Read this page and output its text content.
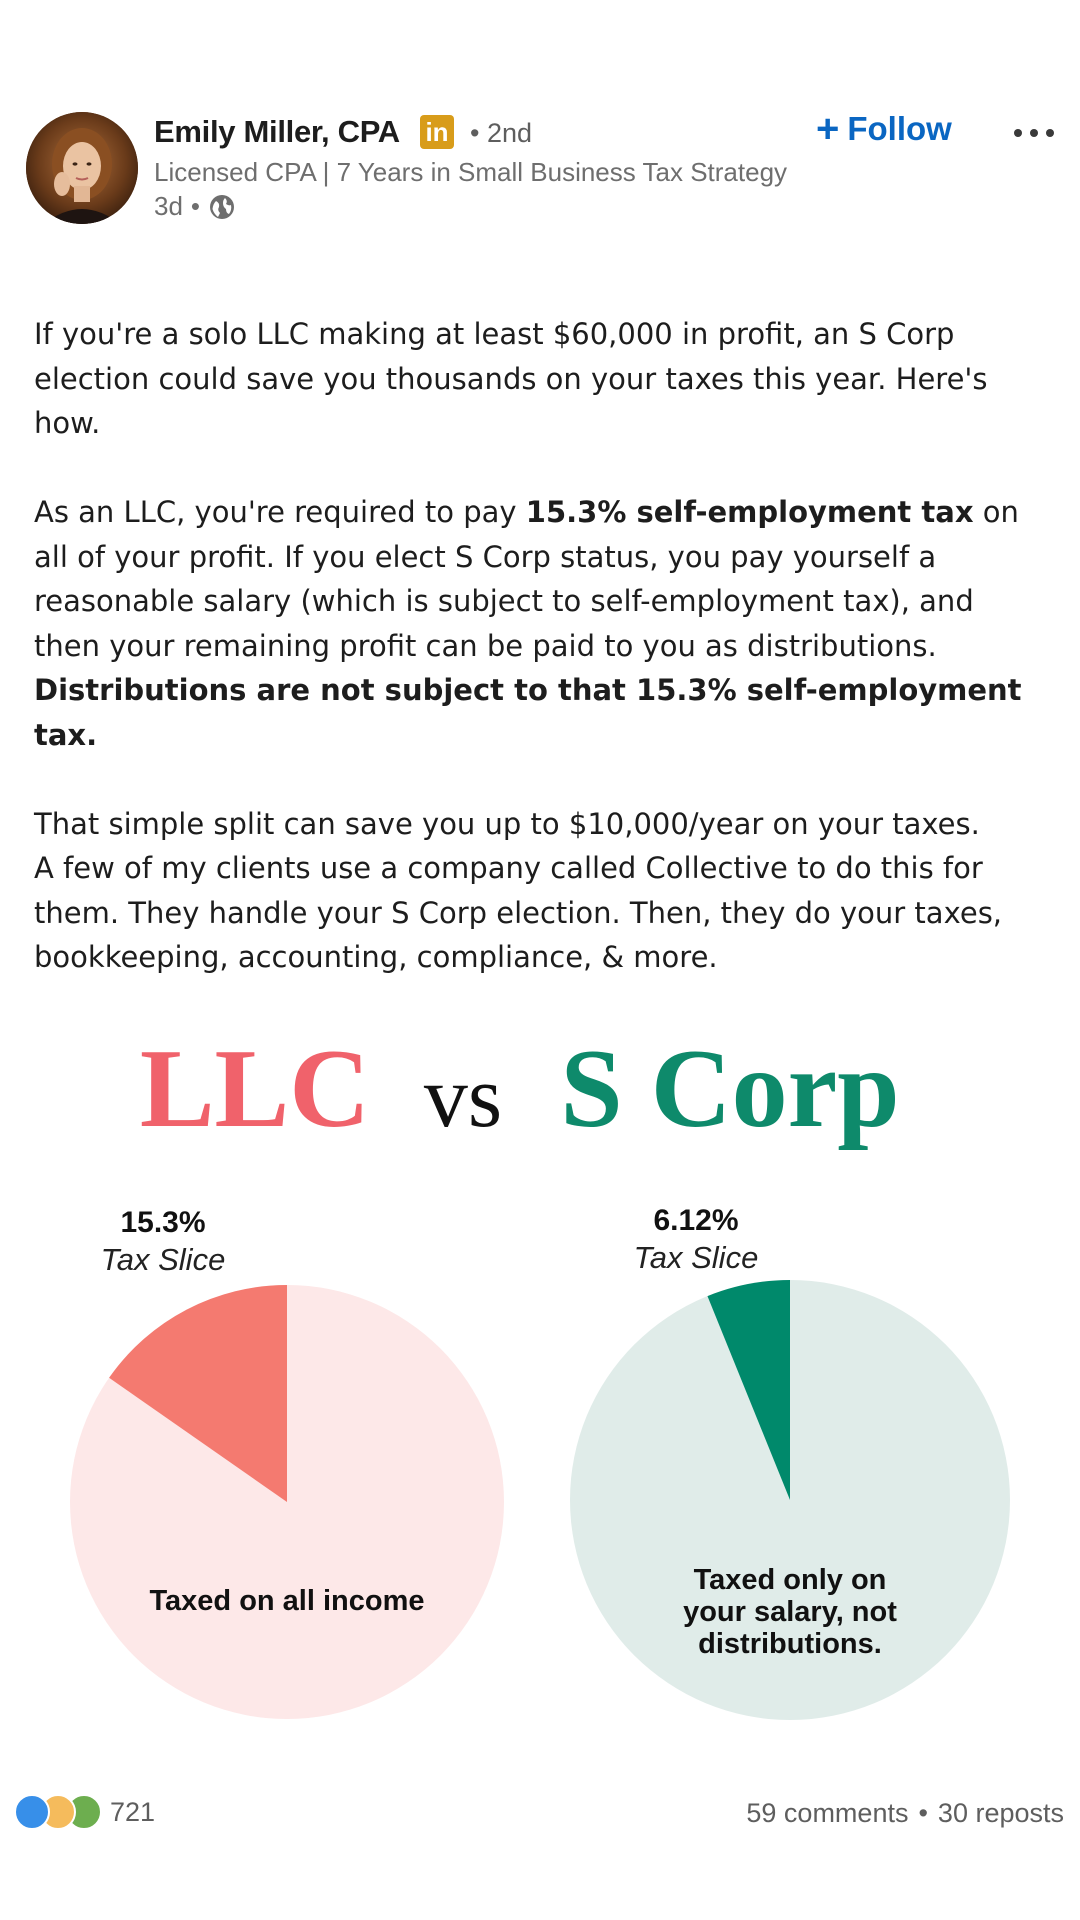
Emily Miller, CPA in • 2nd
Licensed CPA | 7 Years in Small Business Tax Strategy
3d •
+ Follow

If you're a solo LLC making at least $60,000 in profit, an S Corp election could save you thousands on your taxes this year. Here's how.

As an LLC, you're required to pay 15.3% self-employment tax on all of your profit. If you elect S Corp status, you pay yourself a reasonable salary (which is subject to self-employment tax), and then your remaining profit can be paid to you as distributions. Distributions are not subject to that 15.3% self-employment tax.

That simple split can save you up to $10,000/year on your taxes.
A few of my clients use a company called Collective to do this for them. They handle your S Corp election. Then, they do your taxes, bookkeeping, accounting, compliance, & more.

LLC vs S Corp
15.3%
Tax Slice
6.12%
Tax Slice
Taxed on all income
Taxed only on
your salary, not
distributions.
721	59 comments • 30 reposts
